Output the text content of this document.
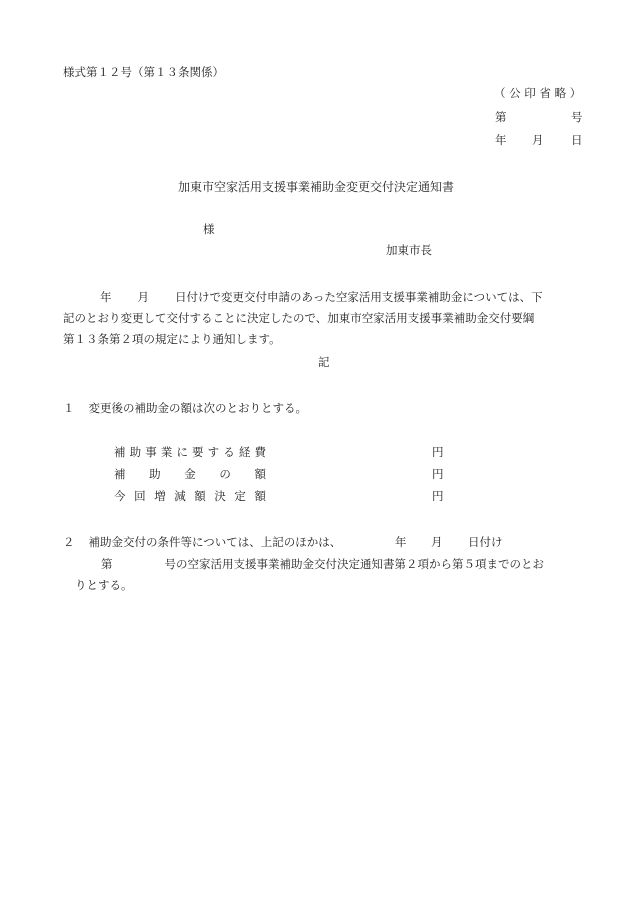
様式第１２号（第１３条関係）
（ 公 印 省 略 ）
第	号
年 月 日
加東市空家活用支援事業補助金変更交付決定通知書
様
加東市長
年 月 日付けで変更交付申請のあった空家活用支援事業補助金については、下
記のとおり変更して交付することに決定したので、加東市空家活用支援事業補助金交付要綱
第１３条第２項の規定により通知します。
記
１ 変更後の補助金の額は次のとおりとする。
補助事業に要する経費	円
補助金の額	円
今回増減額決定額	円
２ 補助金交付の条件等については、上記のほかは、	年 月 日付け
第	号の空家活用支援事業補助金交付決定通知書第２項から第５項までのとお
りとする。
